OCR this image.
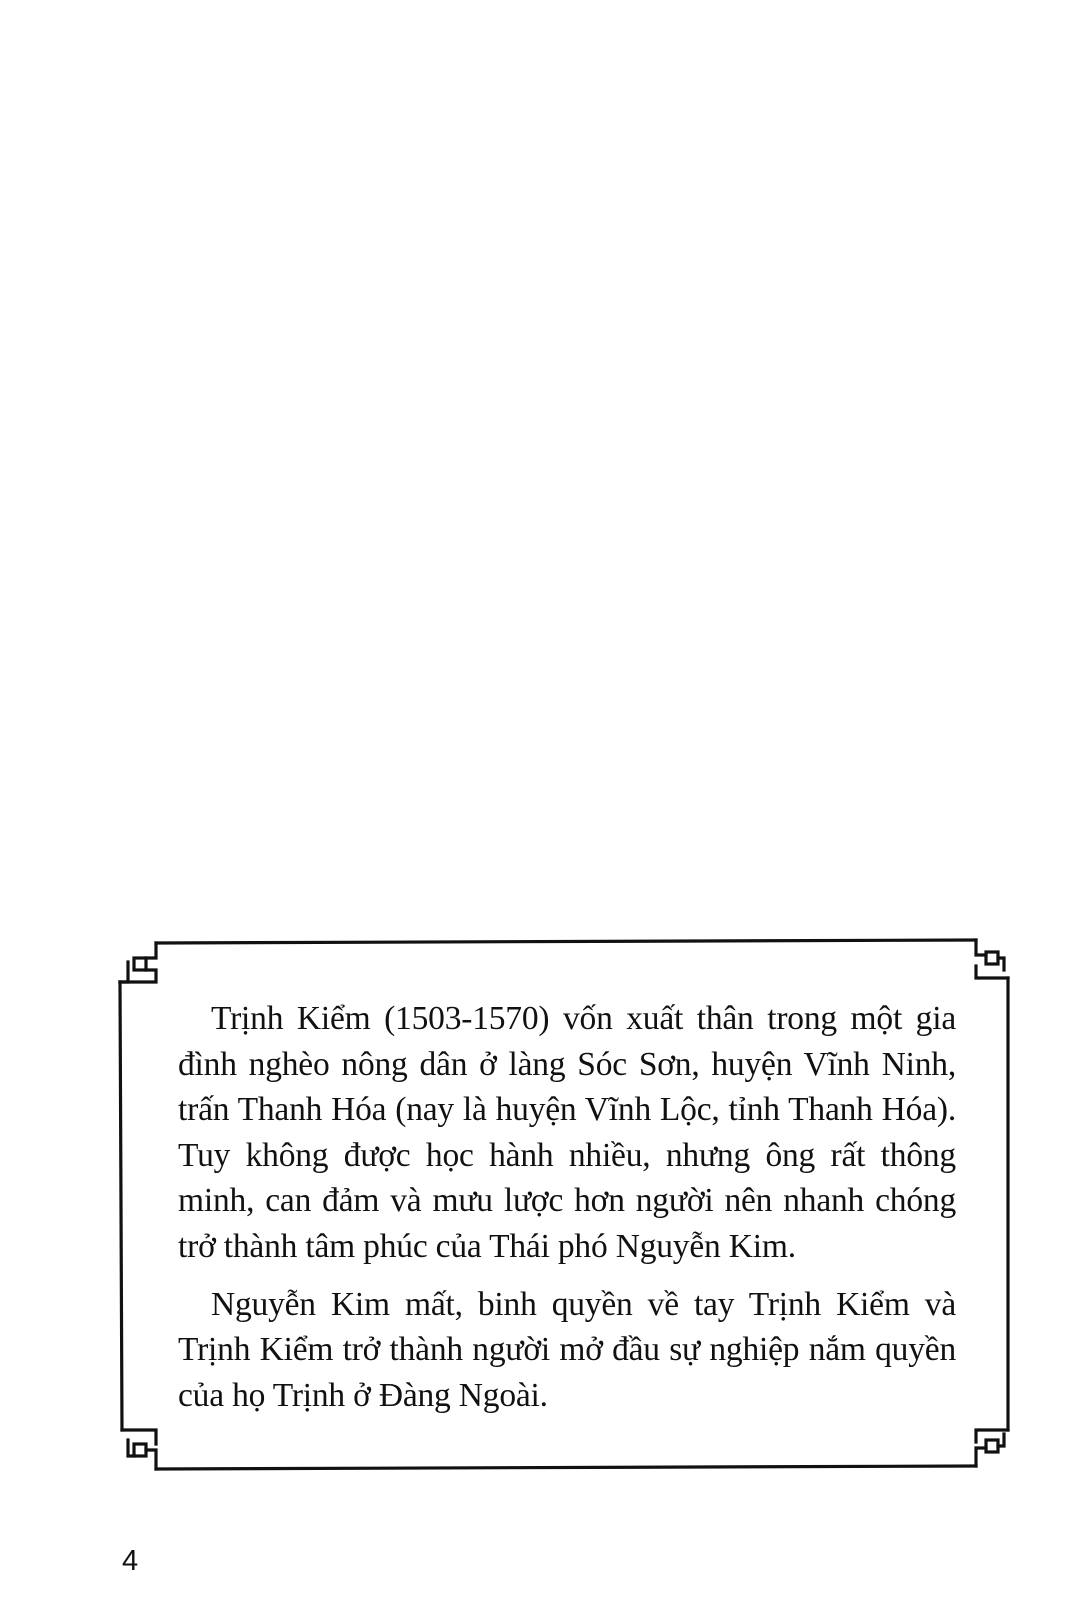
Trịnh Kiểm (1503-1570) vốn xuất thân trong một gia đình nghèo nông dân ở làng Sóc Sơn, huyện Vĩnh Ninh, trấn Thanh Hóa (nay là huyện Vĩnh Lộc, tỉnh Thanh Hóa). Tuy không được học hành nhiều, nhưng ông rất thông minh, can đảm và mưu lược hơn người nên nhanh chóng trở thành tâm phúc của Thái phó Nguyễn Kim.

Nguyễn Kim mất, binh quyền về tay Trịnh Kiểm và Trịnh Kiểm trở thành người mở đầu sự nghiệp nắm quyền của họ Trịnh ở Đàng Ngoài.

4
